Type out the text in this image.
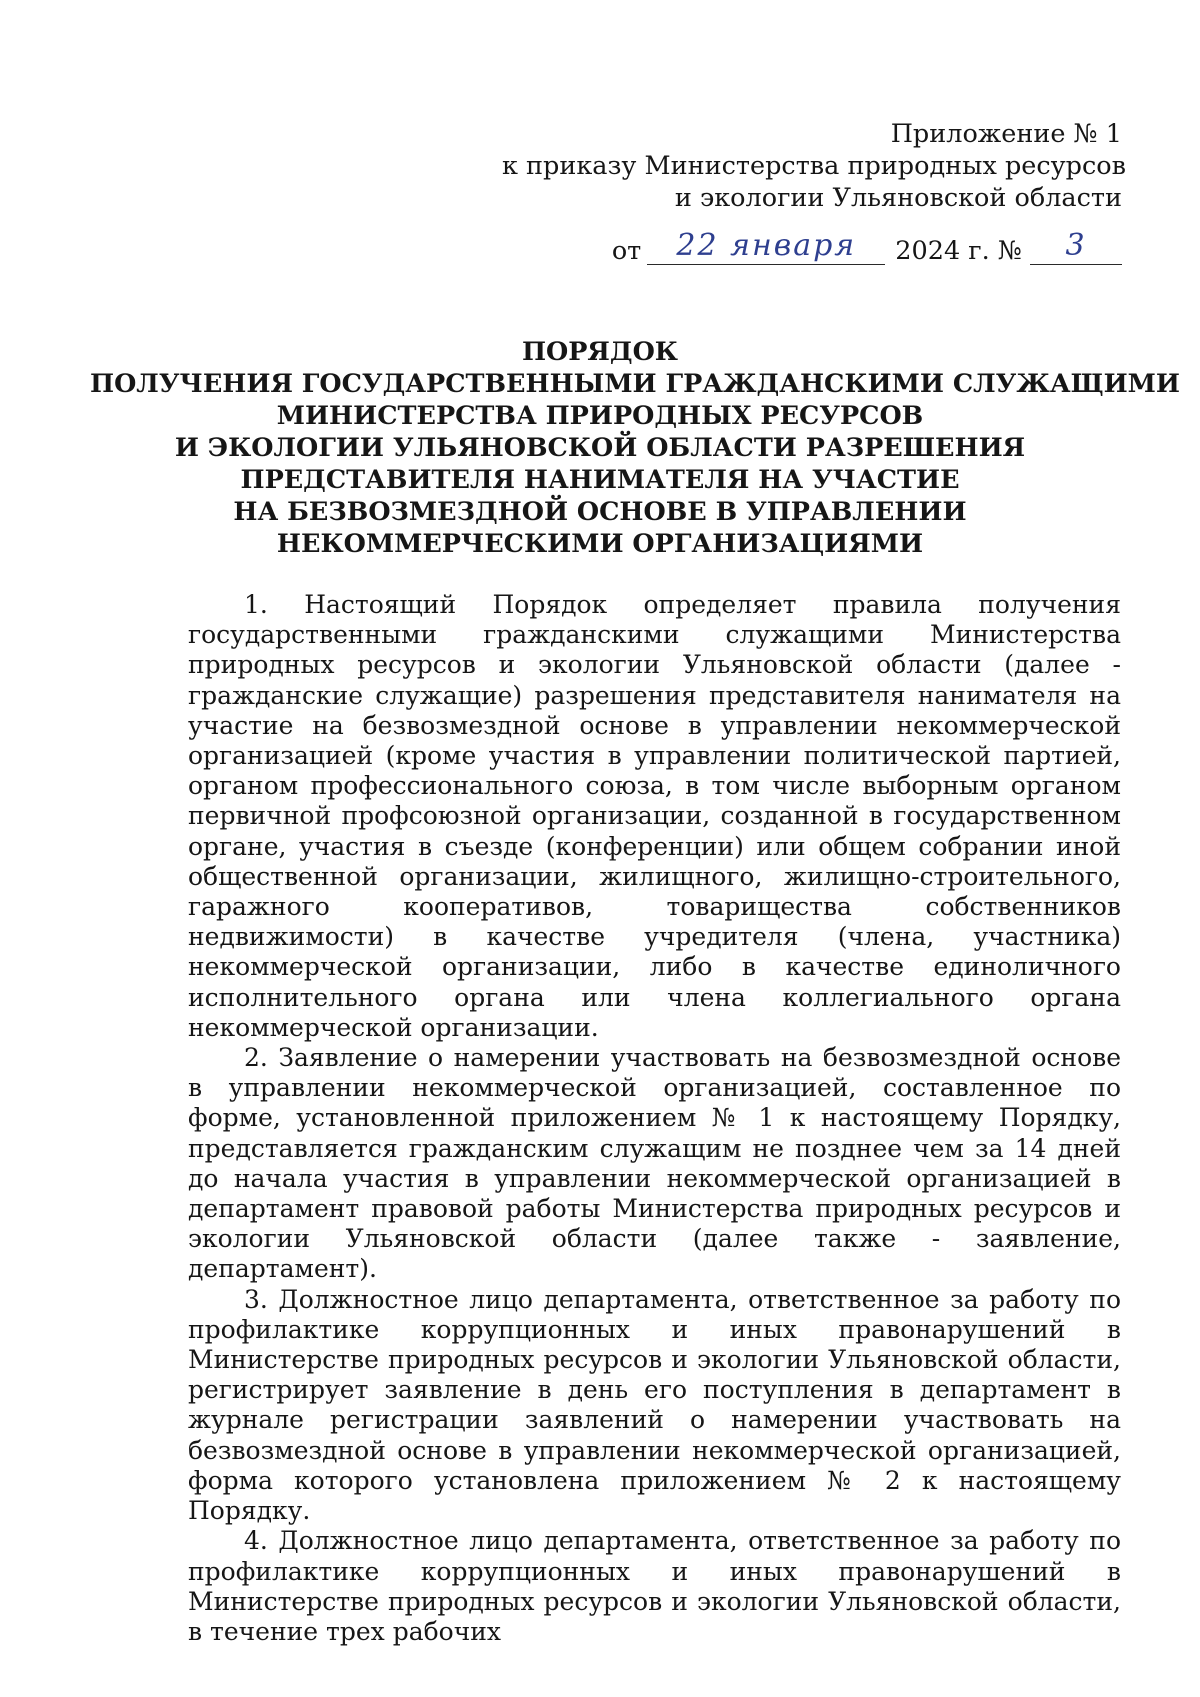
Приложение № 1
к приказу Министерства природных ресурсов
и экологии Ульяновской области
от 22 января 2024 г. № 3
ПОРЯДОК
ПОЛУЧЕНИЯ ГОСУДАРСТВЕННЫМИ ГРАЖДАНСКИМИ СЛУЖАЩИМИ
МИНИСТЕРСТВА ПРИРОДНЫХ РЕСУРСОВ
И ЭКОЛОГИИ УЛЬЯНОВСКОЙ ОБЛАСТИ РАЗРЕШЕНИЯ
ПРЕДСТАВИТЕЛЯ НАНИМАТЕЛЯ НА УЧАСТИЕ
НА БЕЗВОЗМЕЗДНОЙ ОСНОВЕ В УПРАВЛЕНИИ
НЕКОММЕРЧЕСКИМИ ОРГАНИЗАЦИЯМИ

1. Настоящий Порядок определяет правила получения государственными гражданскими служащими Министерства природных ресурсов и экологии Ульяновской области (далее - гражданские служащие) разрешения представителя нанимателя на участие на безвозмездной основе в управлении некоммерческой организацией (кроме участия в управлении политической партией, органом профессионального союза, в том числе выборным органом первичной профсоюзной организации, созданной в государственном органе, участия в съезде (конференции) или общем собрании иной общественной организации, жилищного, жилищно-строительного, гаражного кооперативов, товарищества собственников недвижимости) в качестве учредителя (члена, участника) некоммерческой организации, либо в качестве единоличного исполнительного органа или члена коллегиального органа некоммерческой организации.

2. Заявление о намерении участвовать на безвозмездной основе в управлении некоммерческой организацией, составленное по форме, установленной приложением № 1 к настоящему Порядку, представляется гражданским служащим не позднее чем за 14 дней до начала участия в управлении некоммерческой организацией в департамент правовой работы Министерства природных ресурсов и экологии Ульяновской области (далее также - заявление, департамент).

3. Должностное лицо департамента, ответственное за работу по профилактике коррупционных и иных правонарушений в Министерстве природных ресурсов и экологии Ульяновской области, регистрирует заявление в день его поступления в департамент в журнале регистрации заявлений о намерении участвовать на безвозмездной основе в управлении некоммерческой организацией, форма которого установлена приложением № 2 к настоящему Порядку.

4. Должностное лицо департамента, ответственное за работу по профилактике коррупционных и иных правонарушений в Министерстве природных ресурсов и экологии Ульяновской области, в течение трех рабочих
